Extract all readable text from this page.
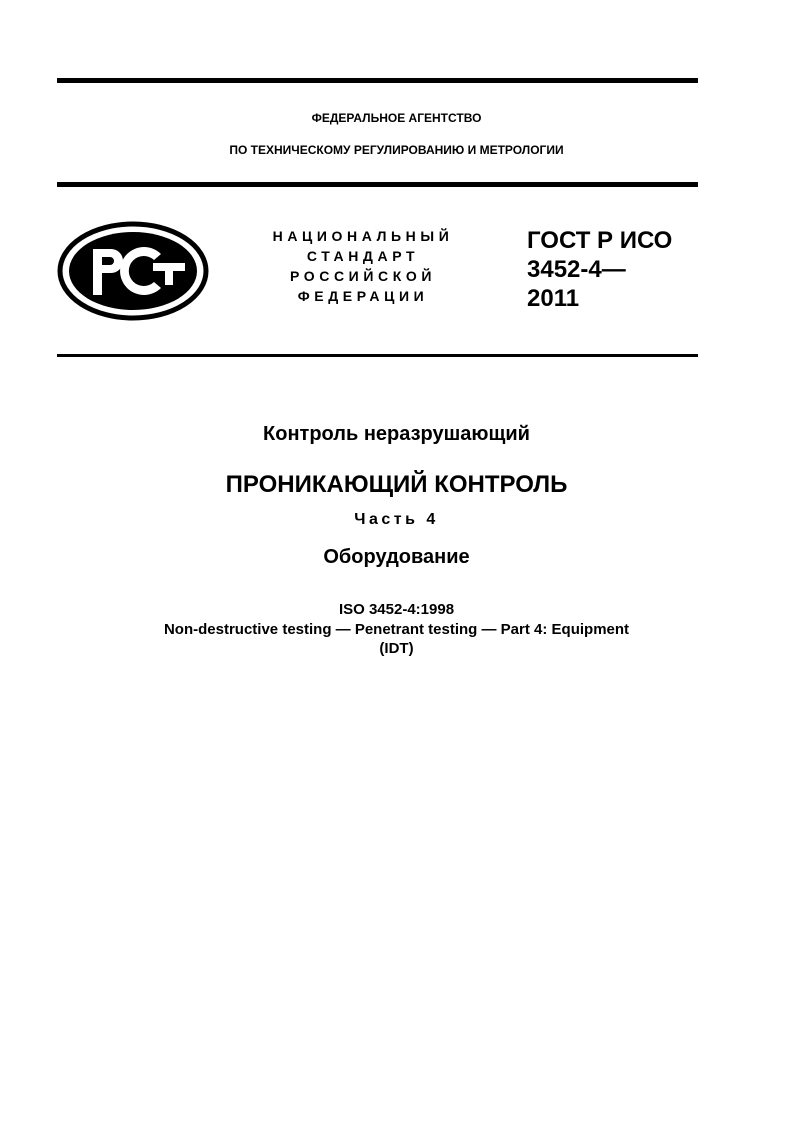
ФЕДЕРАЛЬНОЕ АГЕНТСТВО
ПО ТЕХНИЧЕСКОМУ РЕГУЛИРОВАНИЮ И МЕТРОЛОГИИ
НАЦИОНАЛЬНЫЙ
СТАНДАРТ
РОССИЙСКОЙ
ФЕДЕРАЦИИ
ГОСТ Р ИСО
3452-4—
2011
Контроль неразрушающий
ПРОНИКАЮЩИЙ КОНТРОЛЬ
Часть 4
Оборудование
ISO 3452-4:1998
Non-destructive testing — Penetrant testing — Part 4: Equipment
(IDT)
